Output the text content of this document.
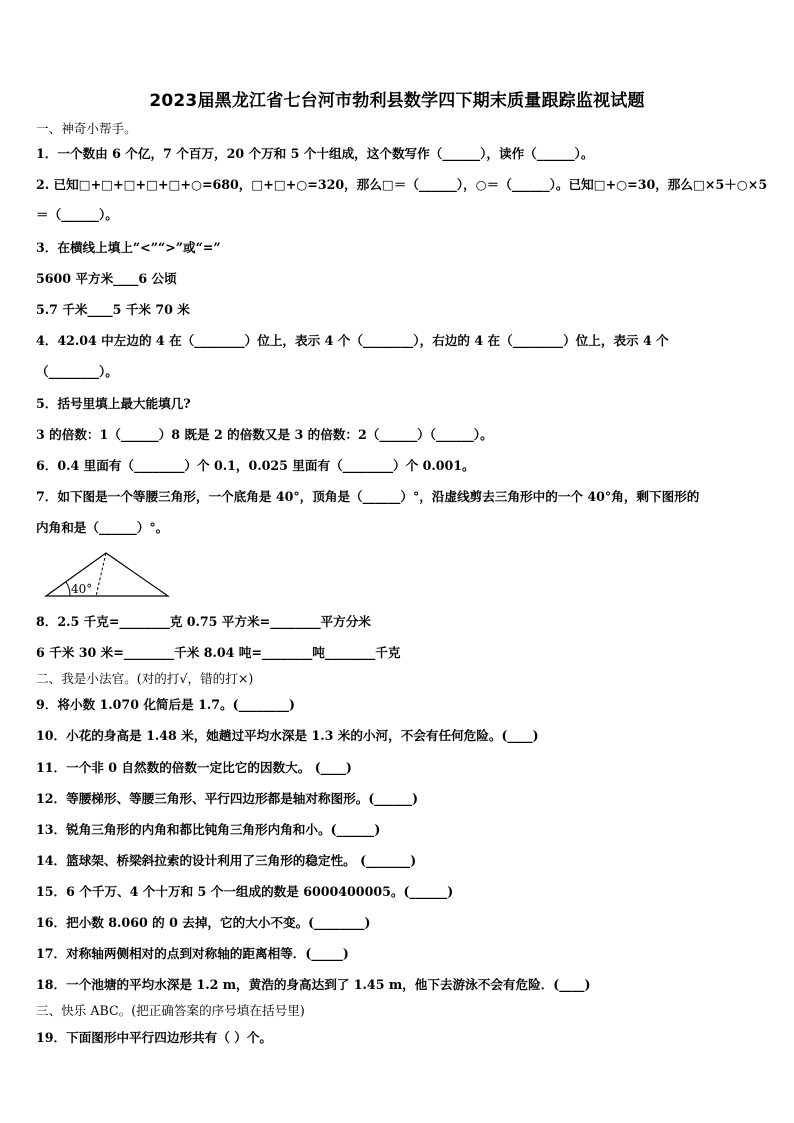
2023届黑龙江省七台河市勃利县数学四下期末质量跟踪监视试题
一、神奇小帮手。
1．一个数由 6 个亿，7 个百万，20 个万和 5 个十组成，这个数写作（______），读作（______）。
2. 已知□+□+□+□+□+○=680，□+□+○=320，那么□＝（______），○＝（______）。已知□+○=30，那么□×5＋○×5
＝（______）。
3．在横线上填上“<”“>”或“=”
5600 平方米____6 公顷
5.7 千米____5 千米 70 米
4．42.04 中左边的 4 在（________）位上，表示 4 个（________），右边的 4 在（________）位上，表示 4 个
（________）。
5．括号里填上最大能填几?
3 的倍数：1（______）8 既是 2 的倍数又是 3 的倍数：2（______）（______）。
6．0.4 里面有（________）个 0.1，0.025 里面有（________）个 0.001。
7．如下图是一个等腰三角形，一个底角是 40°，顶角是（______）°，沿虚线剪去三角形中的一个 40°角，剩下图形的
内角和是（______）°。
40°
8．2.5 千克=________克 0.75 平方米=________平方分米
6 千米 30 米=________千米 8.04 吨=________吨________千克
二、我是小法官。(对的打√，错的打×)
9．将小数 1.070 化简后是 1.7。(________)
10．小花的身高是 1.48 米，她趟过平均水深是 1.3 米的小河，不会有任何危险。(____)
11．一个非 0 自然数的倍数一定比它的因数大。 (____)
12．等腰梯形、等腰三角形、平行四边形都是轴对称图形。(______)
13．锐角三角形的内角和都比钝角三角形内角和小。(______)
14．篮球架、桥梁斜拉索的设计利用了三角形的稳定性。 (_______)
15．6 个千万、4 个十万和 5 个一组成的数是 6000400005。(______)
16．把小数 8.060 的 0 去掉，它的大小不变。(________)
17．对称轴两侧相对的点到对称轴的距离相等．(_____)
18．一个池塘的平均水深是 1.2 m，黄浩的身高达到了 1.45 m，他下去游泳不会有危险．(____)
三、快乐 ABC。(把正确答案的序号填在括号里)
19．下面图形中平行四边形共有（ ）个。
